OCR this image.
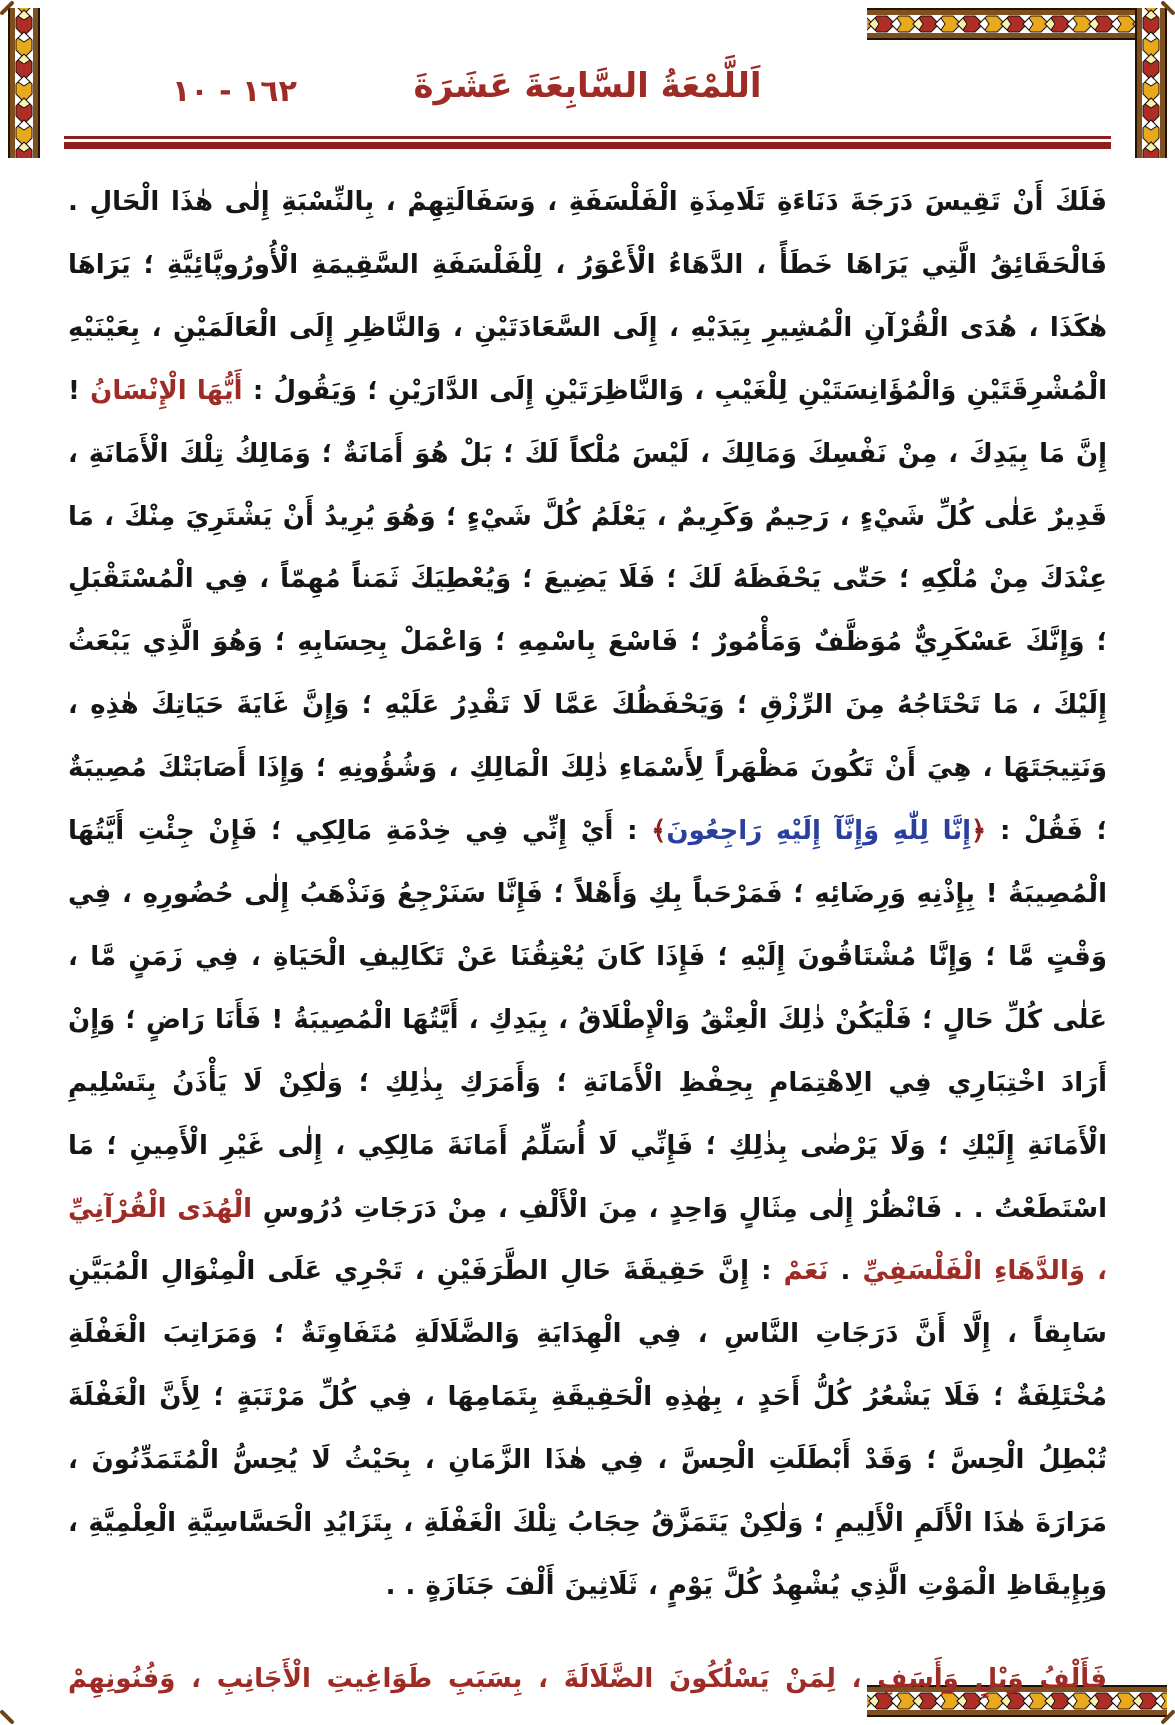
١٦٢ - ١٠	اَللَّمْعَةُ السَّابِعَةَ عَشَرَةَ

فَلَكَ أَنْ تَقِيسَ دَرَجَةَ دَنَاءَةِ تَلَامِذَةِ الْفَلْسَفَةِ ، وَسَفَالَتِهِمْ ، بِالنِّسْبَةِ إِلٰى هٰذَا الْحَالِ . فَالْحَقَائِقُ الَّتِي يَرَاهَا خَطَأً ، الدَّهَاءُ الْأَعْوَرُ ، لِلْفَلْسَفَةِ السَّقِيمَةِ الْأُورُوپَّائِيَّةِ ؛ يَرَاهَا هٰكَذَا ، هُدَى الْقُرْآنِ الْمُشِيرِ بِيَدَيْهِ ، إِلَى السَّعَادَتَيْنِ ، وَالنَّاظِرِ إِلَى الْعَالَمَيْنِ ، بِعَيْنَيْهِ الْمُشْرِقَتَيْنِ وَالْمُؤَانِسَتَيْنِ لِلْغَيْبِ ، وَالنَّاظِرَتَيْنِ إِلَى الدَّارَيْنِ ؛ وَيَقُولُ : أَيُّهَا الْإِنْسَانُ ! إِنَّ مَا بِيَدِكَ ، مِنْ نَفْسِكَ وَمَالِكَ ، لَيْسَ مُلْكاً لَكَ ؛ بَلْ هُوَ أَمَانَةٌ ؛ وَمَالِكُ تِلْكَ الْأَمَانَةِ ، قَدِيرٌ عَلٰى كُلِّ شَيْءٍ ، رَحِيمٌ وَكَرِيمٌ ، يَعْلَمُ كُلَّ شَيْءٍ ؛ وَهُوَ يُرِيدُ أَنْ يَشْتَرِيَ مِنْكَ ، مَا عِنْدَكَ مِنْ مُلْكِهِ ؛ حَتّٰى يَحْفَظَهُ لَكَ ؛ فَلَا يَضِيعَ ؛ وَيُعْطِيَكَ ثَمَناً مُهِمّاً ، فِي الْمُسْتَقْبَلِ ؛ وَإِنَّكَ عَسْكَرِيٌّ مُوَظَّفٌ وَمَأْمُورٌ ؛ فَاسْعَ بِاسْمِهِ ؛ وَاعْمَلْ بِحِسَابِهِ ؛ وَهُوَ الَّذِي يَبْعَثُ إِلَيْكَ ، مَا تَحْتَاجُهُ مِنَ الرِّزْقِ ؛ وَيَحْفَظُكَ عَمَّا لَا تَقْدِرُ عَلَيْهِ ؛ وَإِنَّ غَايَةَ حَيَاتِكَ هٰذِهِ ، وَنَتِيجَتَهَا ، هِيَ أَنْ تَكُونَ مَظْهَراً لِأَسْمَاءِ ذٰلِكَ الْمَالِكِ ، وَشُؤُونِهِ ؛ وَإِذَا أَصَابَتْكَ مُصِيبَةٌ ؛ فَقُلْ : ﴿إِنَّا لِلّٰهِ وَإِنَّآ إِلَيْهِ رَاجِعُونَ﴾ : أَيْ إِنِّي فِي خِدْمَةِ مَالِكِي ؛ فَإِنْ جِئْتِ أَيَّتُهَا الْمُصِيبَةُ ! بِإِذْنِهِ وَرِضَائِهِ ؛ فَمَرْحَباً بِكِ وَأَهْلاً ؛ فَإِنَّا سَنَرْجِعُ وَنَذْهَبُ إِلٰى حُضُورِهِ ، فِي وَقْتٍ مَّا ؛ وَإِنَّا مُشْتَاقُونَ إِلَيْهِ ؛ فَإِذَا كَانَ يُعْتِقُنَا عَنْ تَكَالِيفِ الْحَيَاةِ ، فِي زَمَنٍ مَّا ، عَلٰى كُلِّ حَالٍ ؛ فَلْيَكُنْ ذٰلِكَ الْعِتْقُ وَالْإِطْلَاقُ ، بِيَدِكِ ، أَيَّتُهَا الْمُصِيبَةُ ! فَأَنَا رَاضٍ ؛ وَإِنْ أَرَادَ اخْتِبَارِي فِي الِاهْتِمَامِ بِحِفْظِ الْأَمَانَةِ ؛ وَأَمَرَكِ بِذٰلِكِ ؛ وَلٰكِنْ لَا يَأْذَنُ بِتَسْلِيمِ الْأَمَانَةِ إِلَيْكِ ؛ وَلَا يَرْضٰى بِذٰلِكِ ؛ فَإِنِّي لَا أُسَلِّمُ أَمَانَةَ مَالِكِي ، إِلٰى غَيْرِ الْأَمِينِ ؛ مَا اسْتَطَعْتُ . . فَانْظُرْ إِلٰى مِثَالٍ وَاحِدٍ ، مِنَ الْأَلْفِ ، مِنْ دَرَجَاتِ دُرُوسِ الْهُدَى الْقُرْآنِيِّ ، وَالدَّهَاءِ الْفَلْسَفِيِّ . نَعَمْ : إِنَّ حَقِيقَةَ حَالِ الطَّرَفَيْنِ ، تَجْرِي عَلَى الْمِنْوَالِ الْمُبَيَّنِ سَابِقاً ، إِلَّا أَنَّ دَرَجَاتِ النَّاسِ ، فِي الْهِدَايَةِ وَالضَّلَالَةِ مُتَفَاوِتَةٌ ؛ وَمَرَاتِبَ الْغَفْلَةِ مُخْتَلِفَةٌ ؛ فَلَا يَشْعُرُ كُلُّ أَحَدٍ ، بِهٰذِهِ الْحَقِيقَةِ بِتَمَامِهَا ، فِي كُلِّ مَرْتَبَةٍ ؛ لِأَنَّ الْغَفْلَةَ تُبْطِلُ الْحِسَّ ؛ وَقَدْ أَبْطَلَتِ الْحِسَّ ، فِي هٰذَا الزَّمَانِ ، بِحَيْثُ لَا يُحِسُّ الْمُتَمَدِّنُونَ ، مَرَارَةَ هٰذَا الْأَلَمِ الْأَلِيمِ ؛ وَلٰكِنْ يَتَمَزَّقُ حِجَابُ تِلْكَ الْغَفْلَةِ ، بِتَزَايُدِ الْحَسَّاسِيَّةِ الْعِلْمِيَّةِ ، وَبِإِيقَاظِ الْمَوْتِ الَّذِي يُشْهِدُ كُلَّ يَوْمٍ ، ثَلَاثِينَ أَلْفَ جَنَازَةٍ . .

فَأَلْفُ وَيْلٍ وَأَسَفٍ ، لِمَنْ يَسْلُكُونَ الضَّلَالَةَ ، بِسَبَبِ طَوَاغِيتِ الْأَجَانِبِ ، وَفُنُونِهِمْ
